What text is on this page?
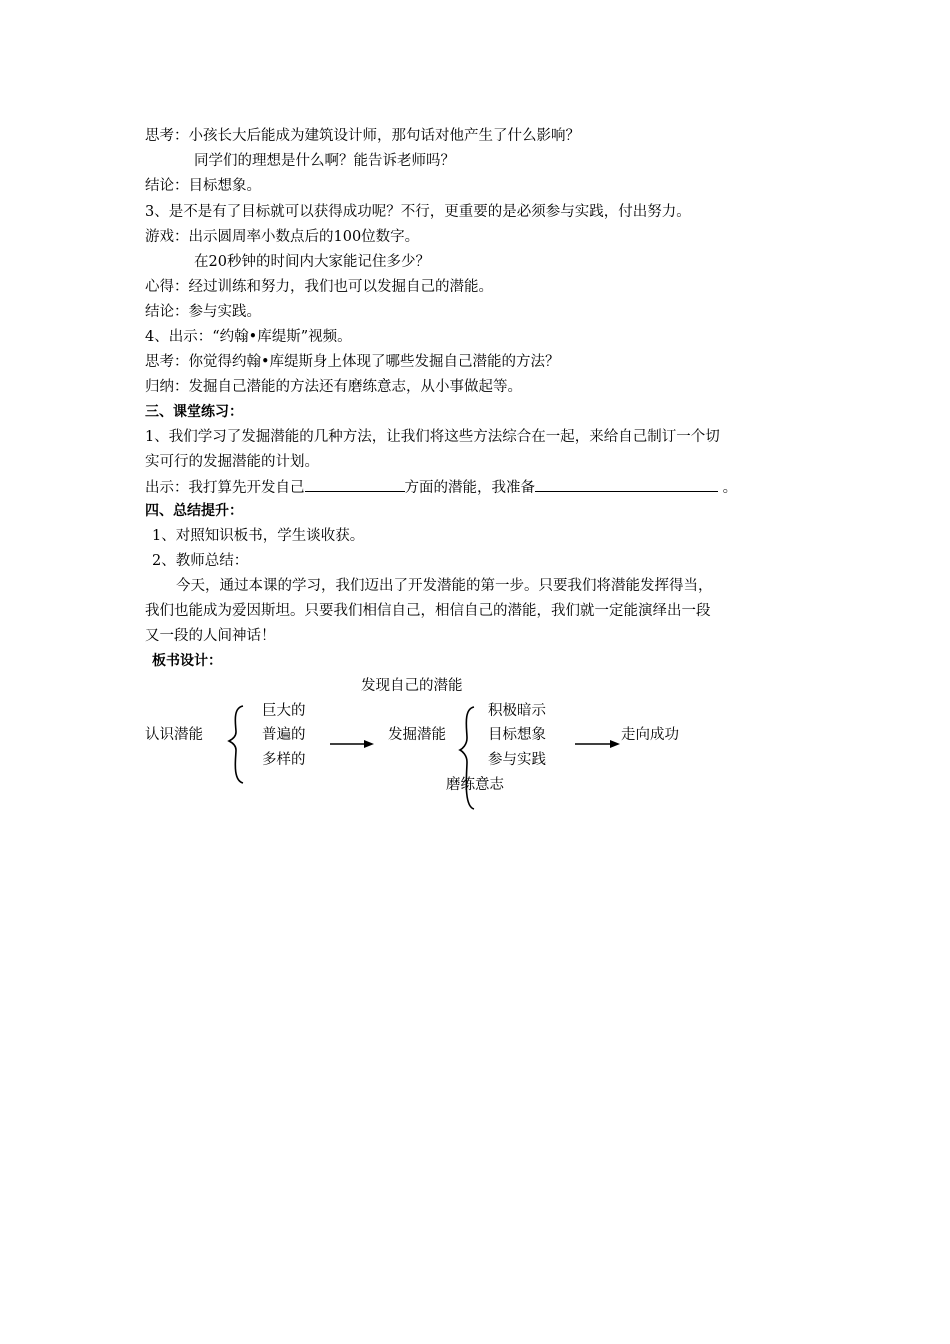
思考：小孩长大后能成为建筑设计师，那句话对他产生了什么影响？
同学们的理想是什么啊？能告诉老师吗？
结论：目标想象。
3、是不是有了目标就可以获得成功呢？不行，更重要的是必须参与实践，付出努力。
游戏：出示圆周率小数点后的100位数字。
在20秒钟的时间内大家能记住多少？
心得：经过训练和努力，我们也可以发掘自己的潜能。
结论：参与实践。
4、出示：“约翰•库缇斯”视频。
思考：你觉得约翰•库缇斯身上体现了哪些发掘自己潜能的方法？
归纳：发掘自己潜能的方法还有磨练意志，从小事做起等。
三、课堂练习：
1、我们学习了发掘潜能的几种方法，让我们将这些方法综合在一起，来给自己制订一个切
实可行的发掘潜能的计划。
出示：我打算先开发自己	方面的潜能，我准备	。
四、总结提升：
1、对照知识板书，学生谈收获。
2、教师总结：
今天，通过本课的学习，我们迈出了开发潜能的第一步。只要我们将潜能发挥得当，
我们也能成为爱因斯坦。只要我们相信自己，相信自己的潜能，我们就一定能演绎出一段
又一段的人间神话！
板书设计：
发现自己的潜能
认识潜能
巨大的
普遍的
多样的
发掘潜能
积极暗示
目标想象
参与实践
磨练意志
走向成功
